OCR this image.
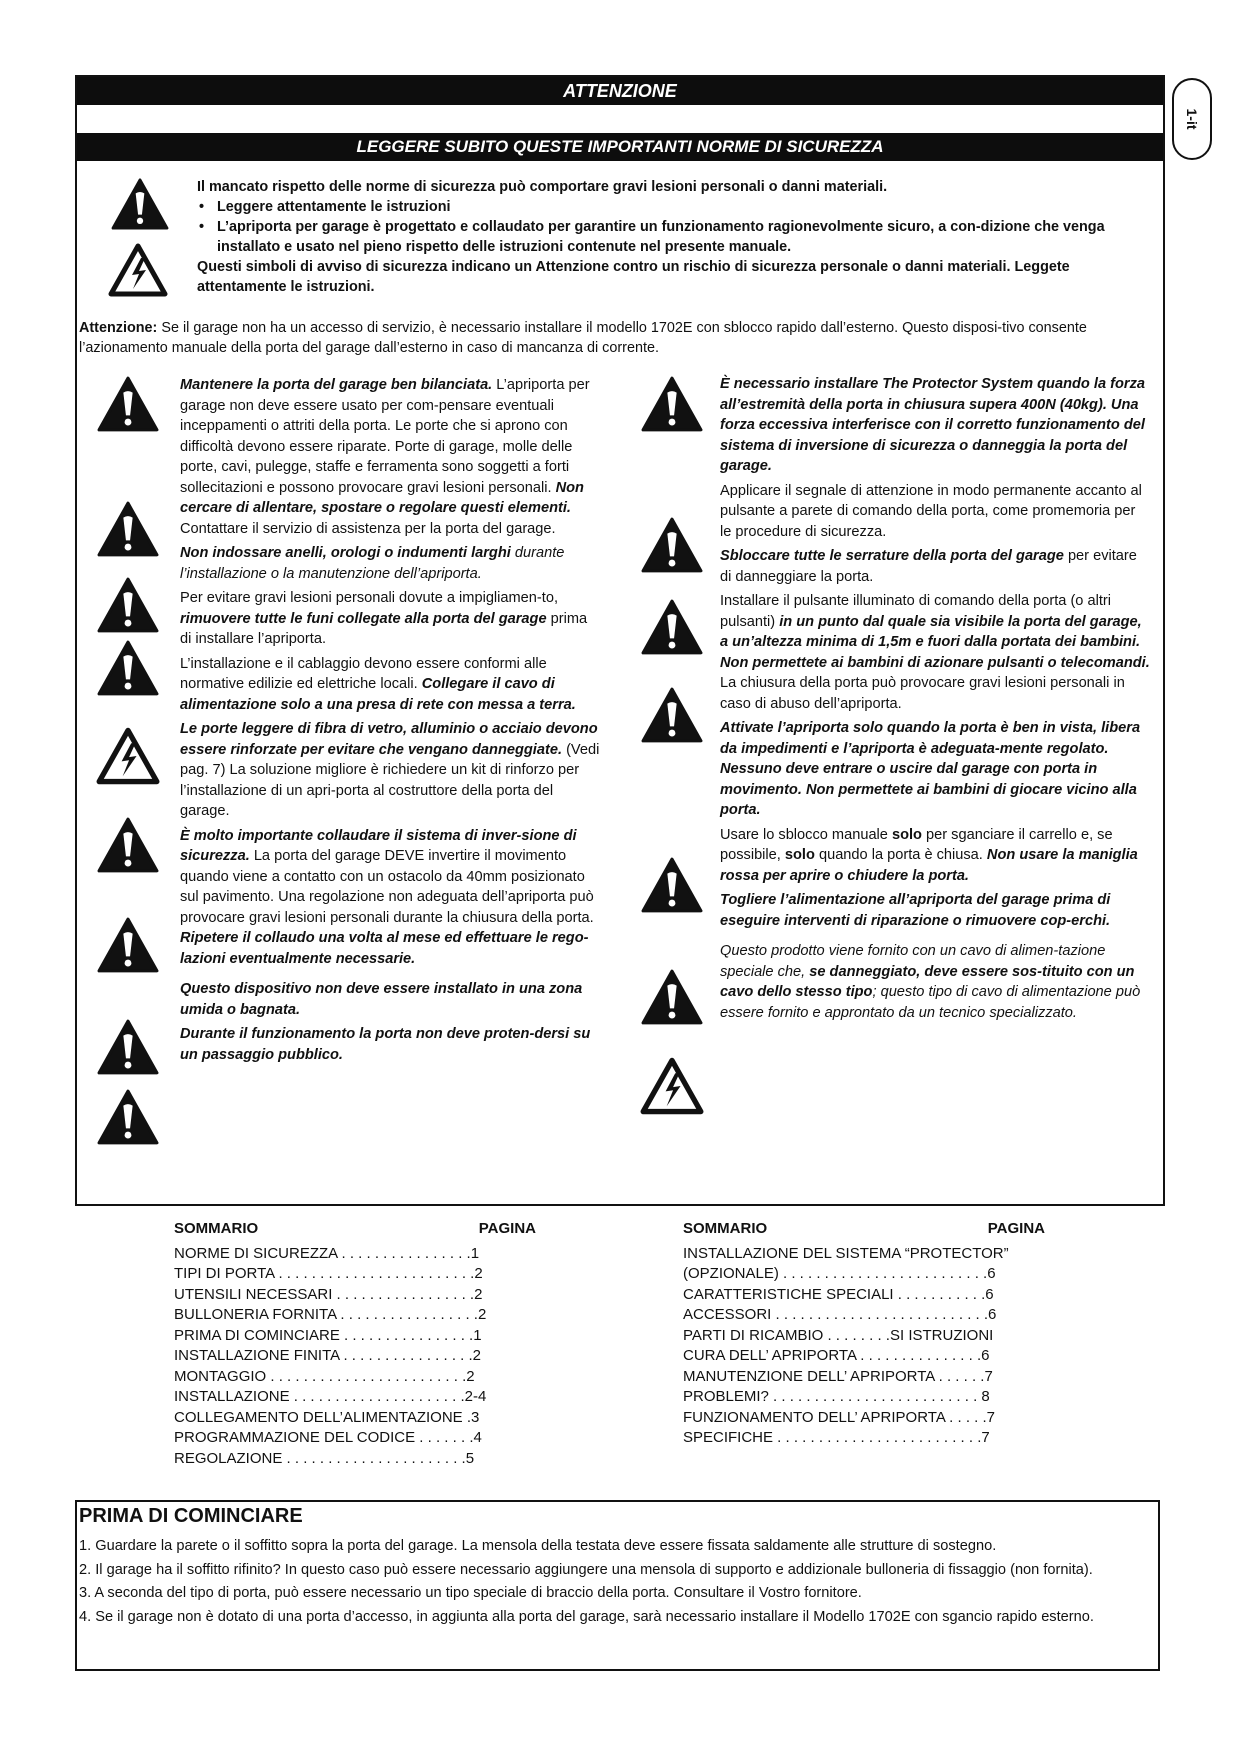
1-it
ATTENZIONE
LEGGERE SUBITO QUESTE IMPORTANTI NORME DI SICUREZZA
Il mancato rispetto delle norme di sicurezza può comportare gravi lesioni personali o danni materiali.
• Leggere attentamente le istruzioni
• L’apriporta per garage è progettato e collaudato per garantire un funzionamento ragionevolmente sicuro, a con-dizione che venga installato e usato nel pieno rispetto delle istruzioni contenute nel presente manuale.
Questi simboli di avviso di sicurezza indicano un Attenzione contro un rischio di sicurezza personale o danni materiali. Leggete attentamente le istruzioni.
Attenzione: Se il garage non ha un accesso di servizio, è necessario installare il modello 1702E con sblocco rapido dall’esterno. Questo disposi-tivo consente l’azionamento manuale della porta del garage dall’esterno in caso di mancanza di corrente.

Mantenere la porta del garage ben bilanciata. L’apriporta per garage non deve essere usato per com-pensare eventuali inceppamenti o attriti della porta. Le porte che si aprono con difficoltà devono essere riparate. Porte di garage, molle delle porte, cavi, pulegge, staffe e ferramenta sono soggetti a forti sollecitazioni e possono provocare gravi lesioni personali. Non cercare di allentare, spostare o regolare questi elementi. Contattare il servizio di assistenza per la porta del garage.

Non indossare anelli, orologi o indumenti larghi durante l’installazione o la manutenzione dell’apriporta.

Per evitare gravi lesioni personali dovute a impigliamen-to, rimuovere tutte le funi collegate alla porta del garage prima di installare l’apriporta.

L’installazione e il cablaggio devono essere conformi alle normative edilizie ed elettriche locali. Collegare il cavo di alimentazione solo a una presa di rete con messa a terra.

Le porte leggere di fibra di vetro, alluminio o acciaio devono essere rinforzate per evitare che vengano danneggiate. (Vedi pag. 7) La soluzione migliore è richiedere un kit di rinforzo per l’installazione di un apri-porta al costruttore della porta del garage.

È molto importante collaudare il sistema di inver-sione di sicurezza. La porta del garage DEVE invertire il movimento quando viene a contatto con un ostacolo da 40mm posizionato sul pavimento. Una regolazione non adeguata dell’apriporta può provocare gravi lesioni personali durante la chiusura della porta. Ripetere il collaudo una volta al mese ed effettuare le rego-lazioni eventualmente necessarie.

Questo dispositivo non deve essere installato in una zona umida o bagnata.

Durante il funzionamento la porta non deve proten-dersi su un passaggio pubblico.

È necessario installare The Protector System quando la forza all’estremità della porta in chiusura supera 400N (40kg). Una forza eccessiva interferisce con il corretto funzionamento del sistema di inversione di sicurezza o danneggia la porta del garage.

Applicare il segnale di attenzione in modo permanente accanto al pulsante a parete di comando della porta, come promemoria per le procedure di sicurezza.

Sbloccare tutte le serrature della porta del garage per evitare di danneggiare la porta.

Installare il pulsante illuminato di comando della porta (o altri pulsanti) in un punto dal quale sia visibile la porta del garage, a un’altezza minima di 1,5m e fuori dalla portata dei bambini. Non permettete ai bambini di azionare pulsanti o telecomandi. La chiusura della porta può provocare gravi lesioni personali in caso di abuso dell’apriporta.

Attivate l’apriporta solo quando la porta è ben in vista, libera da impedimenti e l’apriporta è adeguata-mente regolato. Nessuno deve entrare o uscire dal garage con porta in movimento. Non permettete ai bambini di giocare vicino alla porta.

Usare lo sblocco manuale solo per sganciare il carrello e, se possibile, solo quando la porta è chiusa. Non usare la maniglia rossa per aprire o chiudere la porta.

Togliere l’alimentazione all’apriporta del garage prima di eseguire interventi di riparazione o rimuovere cop-erchi.

Questo prodotto viene fornito con un cavo di alimen-tazione speciale che, se danneggiato, deve essere sos-tituito con un cavo dello stesso tipo; questo tipo di cavo di alimentazione può essere fornito e approntato da un tecnico specializzato.

SOMMARIO	PAGINA
NORME DI SICUREZZA . . . . . . . . . . . . . . . .1
TIPI DI PORTA . . . . . . . . . . . . . . . . . . . . . . . .2
UTENSILI NECESSARI . . . . . . . . . . . . . . . . .2
BULLONERIA FORNITA . . . . . . . . . . . . . . . . .2
PRIMA DI COMINCIARE . . . . . . . . . . . . . . . .1
INSTALLAZIONE FINITA . . . . . . . . . . . . . . . .2
MONTAGGIO . . . . . . . . . . . . . . . . . . . . . . . .2
INSTALLAZIONE . . . . . . . . . . . . . . . . . . . . .2-4
COLLEGAMENTO DELL’ALIMENTAZIONE .3
PROGRAMMAZIONE DEL CODICE . . . . . . .4
REGOLAZIONE . . . . . . . . . . . . . . . . . . . . . .5
SOMMARIO	PAGINA
INSTALLAZIONE DEL SISTEMA “PROTECTOR”
(OPZIONALE) . . . . . . . . . . . . . . . . . . . . . . . . .6
CARATTERISTICHE SPECIALI . . . . . . . . . . .6
ACCESSORI . . . . . . . . . . . . . . . . . . . . . . . . . .6
PARTI DI RICAMBIO . . . . . . . .SI ISTRUZIONI
CURA DELL’ APRIPORTA . . . . . . . . . . . . . . .6
MANUTENZIONE DELL’ APRIPORTA . . . . . .7
PROBLEMI? . . . . . . . . . . . . . . . . . . . . . . . . . 8
FUNZIONAMENTO DELL’ APRIPORTA . . . . .7
SPECIFICHE . . . . . . . . . . . . . . . . . . . . . . . . .7
PRIMA DI COMINCIARE
1. Guardare la parete o il soffitto sopra la porta del garage. La mensola della testata deve essere fissata saldamente alle strutture di sostegno.
2. Il garage ha il soffitto rifinito? In questo caso può essere necessario aggiungere una mensola di supporto e addizionale bulloneria di fissaggio (non fornita).
3. A seconda del tipo di porta, può essere necessario un tipo speciale di braccio della porta. Consultare il Vostro fornitore.
4. Se il garage non è dotato di una porta d’accesso, in aggiunta alla porta del garage, sarà necessario installare il Modello 1702E con sgancio rapido esterno.
